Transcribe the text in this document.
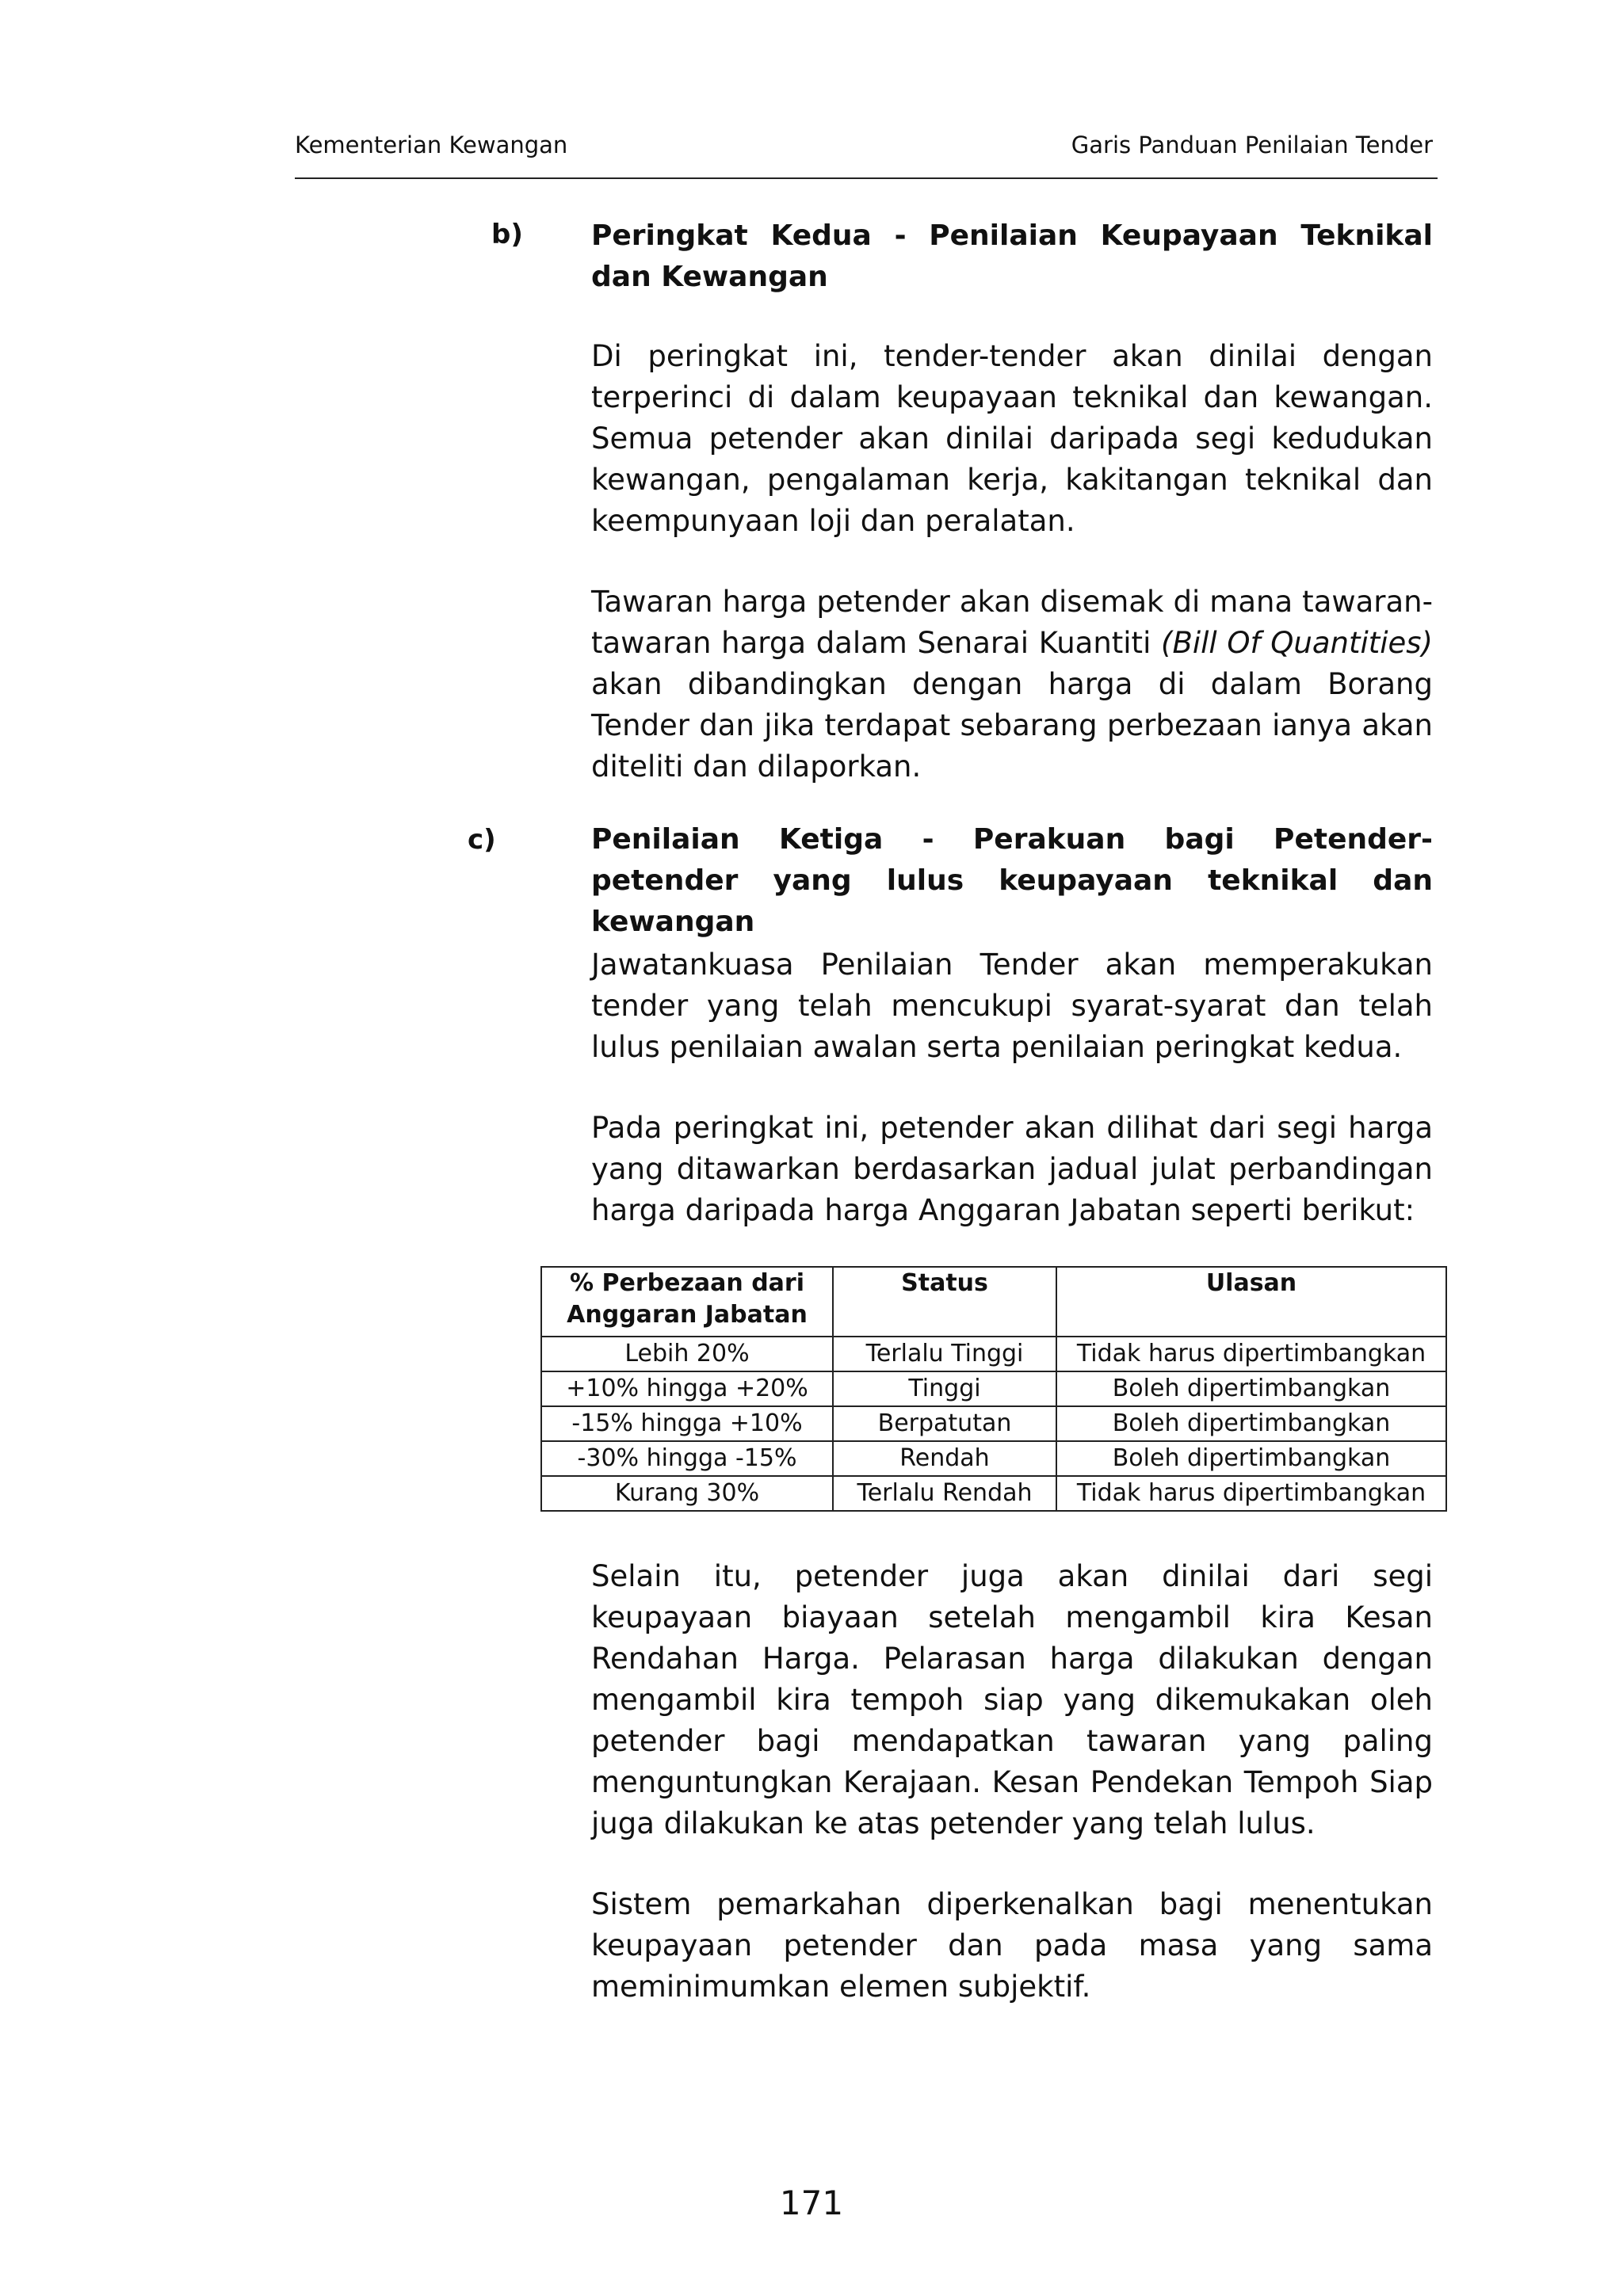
Kementerian Kewangan	Garis Panduan Penilaian Tender
b) Peringkat Kedua - Penilaian Keupayaan Teknikal dan Kewangan
Di peringkat ini, tender-tender akan dinilai dengan terperinci di dalam keupayaan teknikal dan kewangan. Semua petender akan dinilai daripada segi kedudukan kewangan, pengalaman kerja, kakitangan teknikal dan keempunyaan loji dan peralatan.
Tawaran harga petender akan disemak di mana tawaran-tawaran harga dalam Senarai Kuantiti (Bill Of Quantities) akan dibandingkan dengan harga di dalam Borang Tender dan jika terdapat sebarang perbezaan ianya akan diteliti dan dilaporkan.
c)	Penilaian Ketiga - Perakuan bagi Petender-petender yang lulus keupayaan teknikal dan kewangan
Jawatankuasa Penilaian Tender akan memperakukan tender yang telah mencukupi syarat-syarat dan telah lulus penilaian awalan serta penilaian peringkat kedua.
Pada peringkat ini, petender akan dilihat dari segi harga yang ditawarkan berdasarkan jadual julat perbandingan harga daripada harga Anggaran Jabatan seperti berikut:
% Perbezaan dari Anggaran Jabatan	Status	Ulasan
Lebih 20%	Terlalu Tinggi	Tidak harus dipertimbangkan
+10% hingga +20%	Tinggi	Boleh dipertimbangkan
-15% hingga +10%	Berpatutan	Boleh dipertimbangkan
-30% hingga -15%	Rendah	Boleh dipertimbangkan
Kurang 30%	Terlalu Rendah	Tidak harus dipertimbangkan
Selain itu, petender juga akan dinilai dari segi keupayaan biayaan setelah mengambil kira Kesan Rendahan Harga. Pelarasan harga dilakukan dengan mengambil kira tempoh siap yang dikemukakan oleh petender bagi mendapatkan tawaran yang paling menguntungkan Kerajaan. Kesan Pendekan Tempoh Siap juga dilakukan ke atas petender yang telah lulus.
Sistem pemarkahan diperkenalkan bagi menentukan keupayaan petender dan pada masa yang sama meminimumkan elemen subjektif.
171
